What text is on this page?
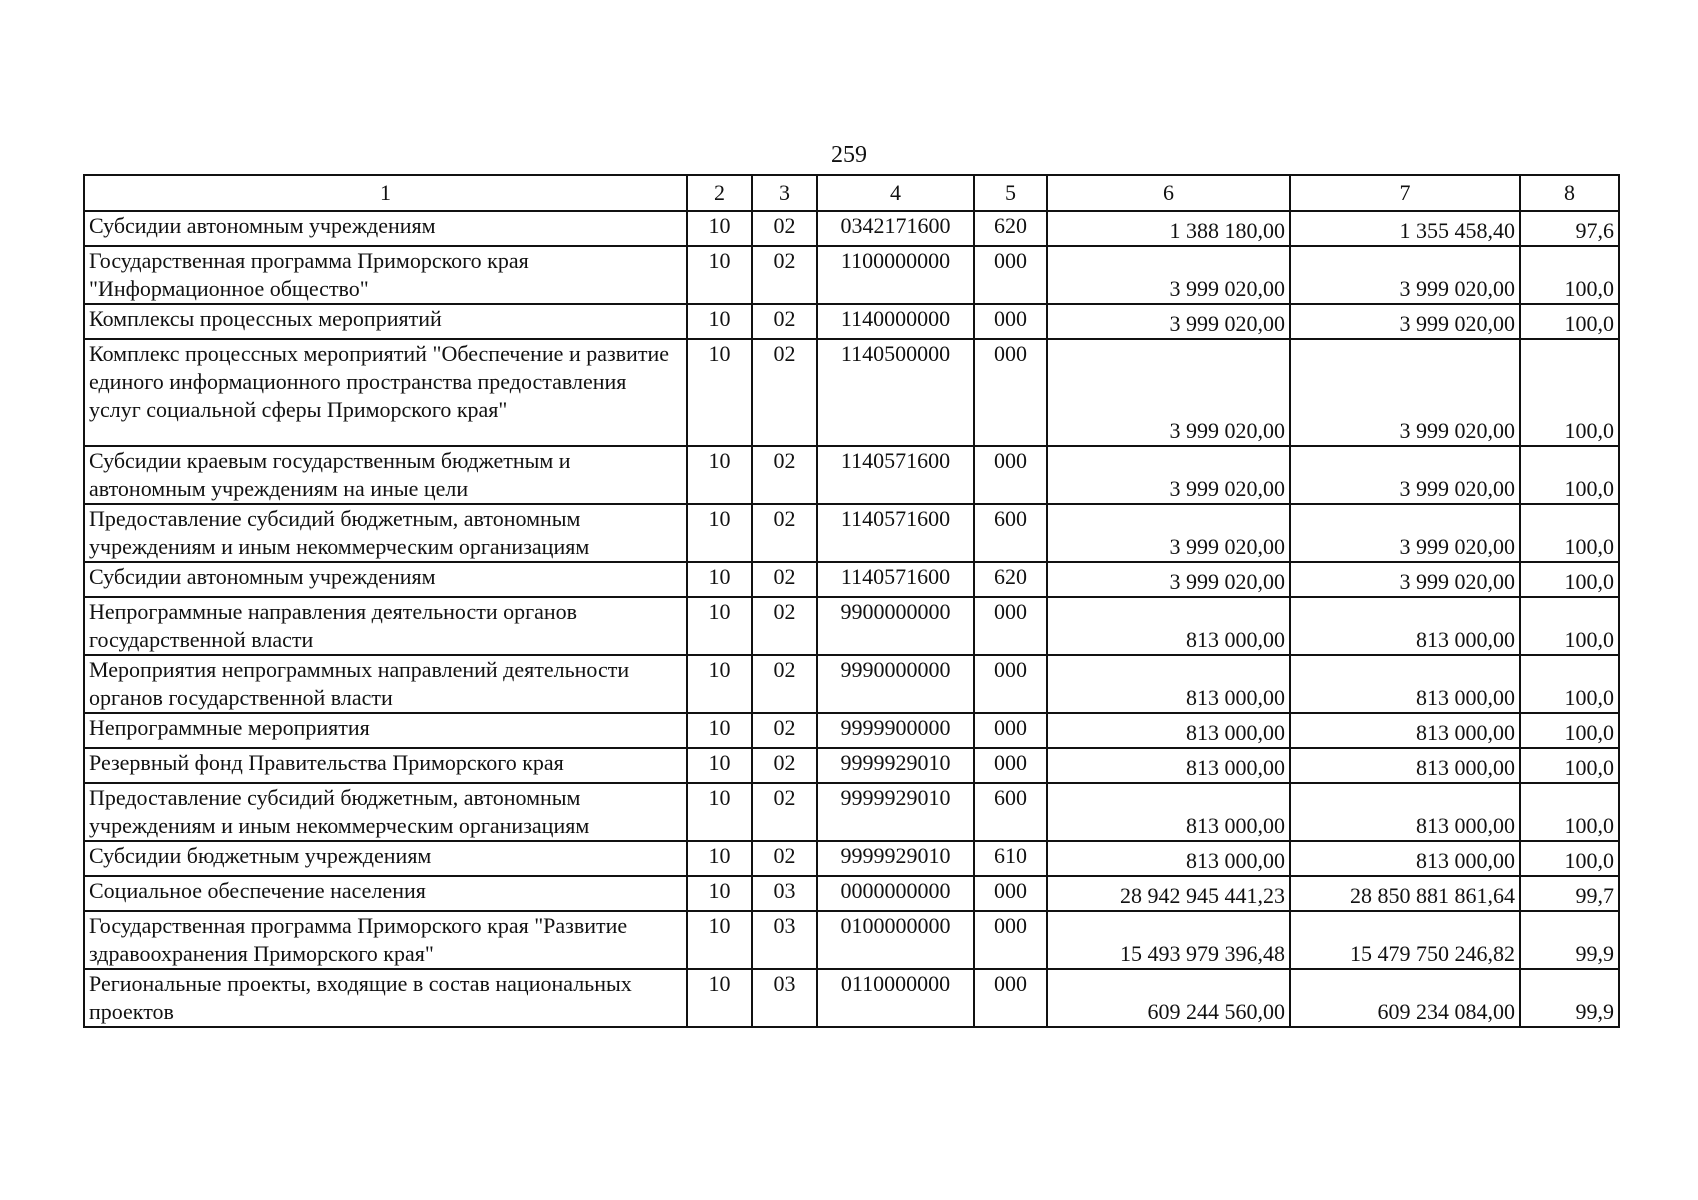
259
1	2	3	4	5	6	7	8
Субсидии автономным учреждениям	10	02	0342171600	620	1 388 180,00	1 355 458,40	97,6
Государственная программа Приморского края "Информационное общество"	10	02	1100000000	000	3 999 020,00	3 999 020,00	100,0
Комплексы процессных мероприятий	10	02	1140000000	000	3 999 020,00	3 999 020,00	100,0
Комплекс процессных мероприятий "Обеспечение и развитие единого информационного пространства предоставления услуг социальной сферы Приморского края"	10	02	1140500000	000	3 999 020,00	3 999 020,00	100,0
Субсидии краевым государственным бюджетным и автономным учреждениям на иные цели	10	02	1140571600	000	3 999 020,00	3 999 020,00	100,0
Предоставление субсидий бюджетным, автономным учреждениям и иным некоммерческим организациям	10	02	1140571600	600	3 999 020,00	3 999 020,00	100,0
Субсидии автономным учреждениям	10	02	1140571600	620	3 999 020,00	3 999 020,00	100,0
Непрограммные направления деятельности органов государственной власти	10	02	9900000000	000	813 000,00	813 000,00	100,0
Мероприятия непрограммных направлений деятельности органов государственной власти	10	02	9990000000	000	813 000,00	813 000,00	100,0
Непрограммные мероприятия	10	02	9999900000	000	813 000,00	813 000,00	100,0
Резервный фонд Правительства Приморского края	10	02	9999929010	000	813 000,00	813 000,00	100,0
Предоставление субсидий бюджетным, автономным учреждениям и иным некоммерческим организациям	10	02	9999929010	600	813 000,00	813 000,00	100,0
Субсидии бюджетным учреждениям	10	02	9999929010	610	813 000,00	813 000,00	100,0
Социальное обеспечение населения	10	03	0000000000	000	28 942 945 441,23	28 850 881 861,64	99,7
Государственная программа Приморского края "Развитие здравоохранения Приморского края"	10	03	0100000000	000	15 493 979 396,48	15 479 750 246,82	99,9
Региональные проекты, входящие в состав национальных проектов	10	03	0110000000	000	609 244 560,00	609 234 084,00	99,9
